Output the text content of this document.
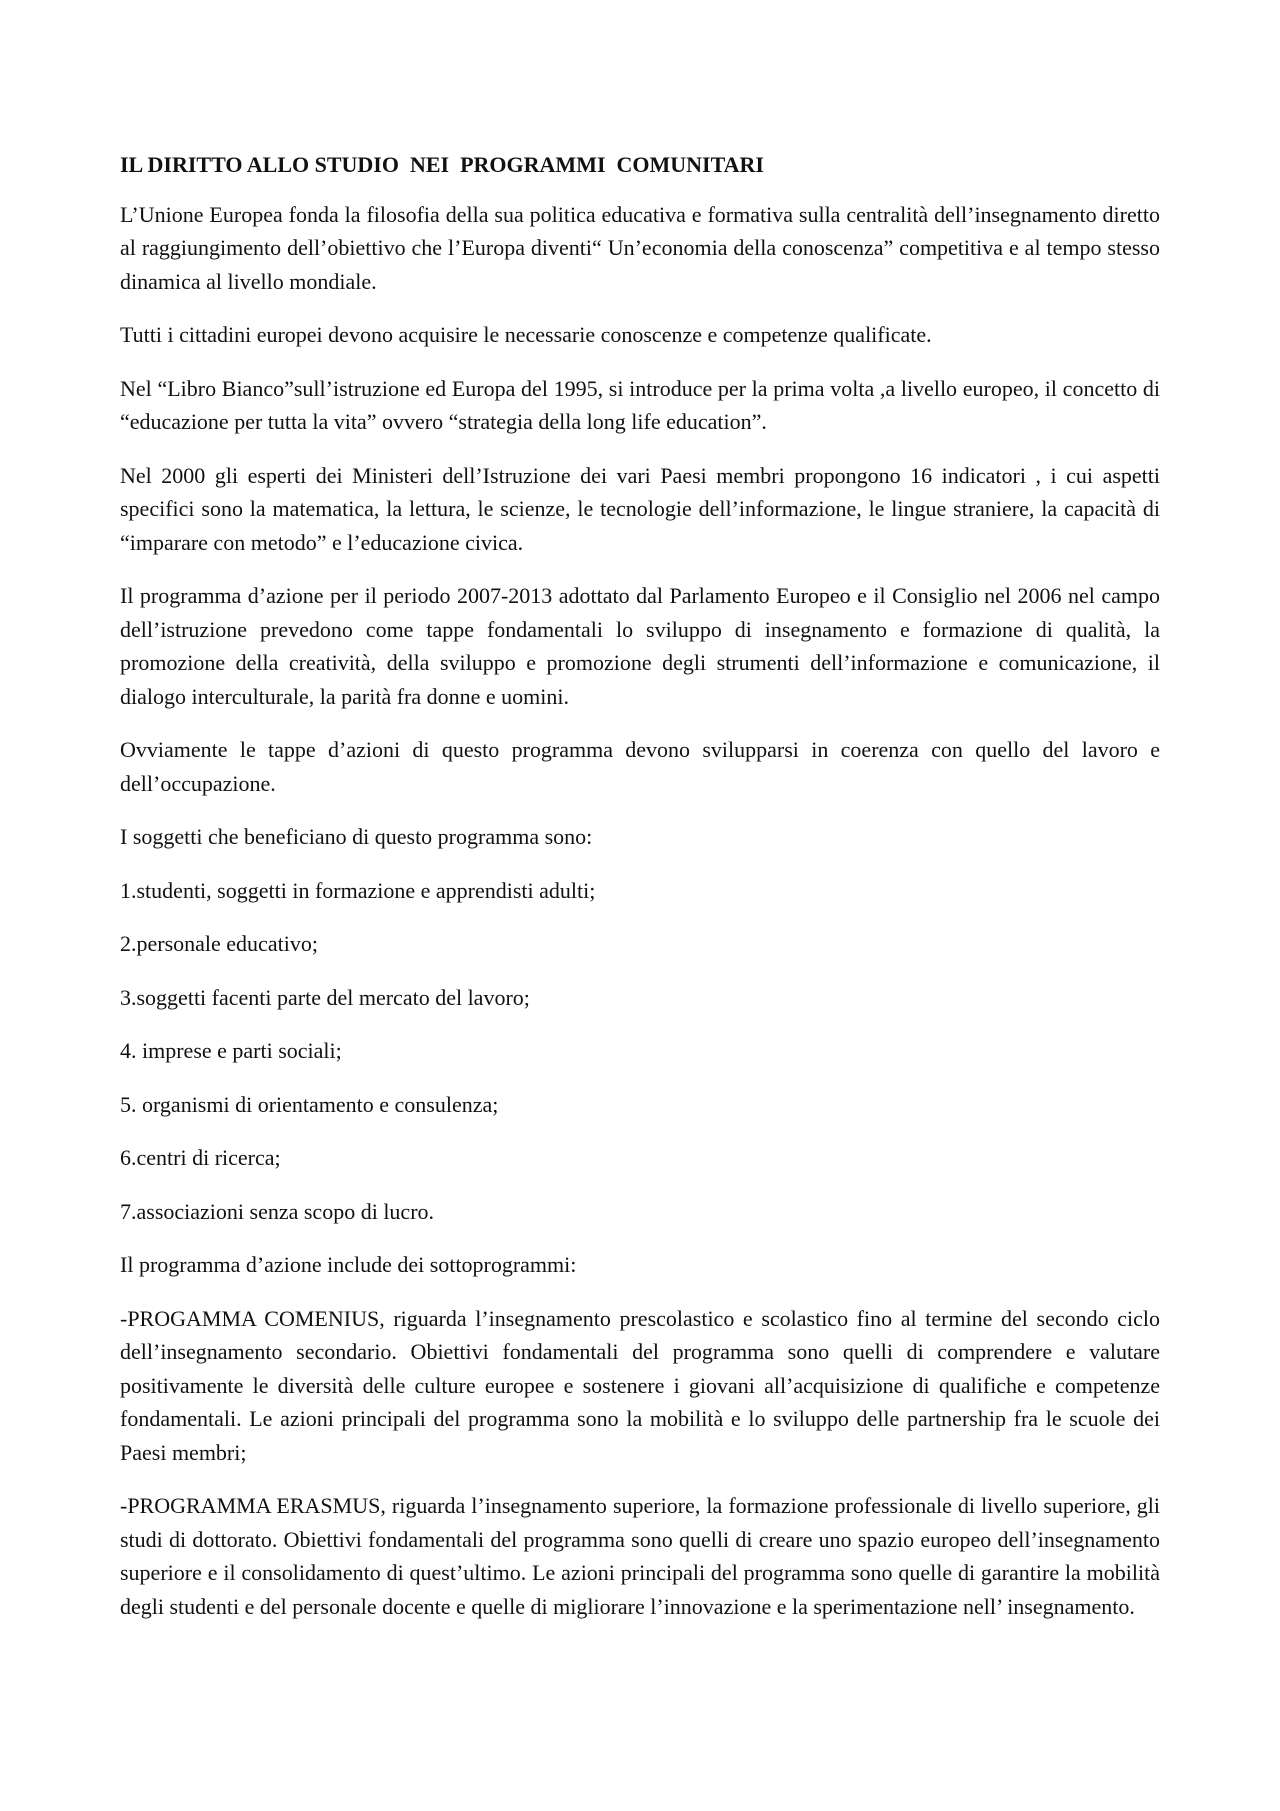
IL DIRITTO ALLO STUDIO  NEI  PROGRAMMI  COMUNITARI

L’Unione Europea fonda la filosofia della sua politica educativa e formativa sulla centralità dell’insegnamento diretto al raggiungimento dell’obiettivo che l’Europa diventi“ Un’economia della conoscenza” competitiva e al tempo stesso dinamica al livello mondiale.

Tutti i cittadini europei devono acquisire le necessarie conoscenze e competenze qualificate.

Nel “Libro Bianco”sull’istruzione ed Europa del 1995, si introduce per la prima volta ,a livello europeo, il concetto di “educazione per tutta la vita” ovvero “strategia della long life education”.

Nel 2000 gli esperti dei Ministeri dell’Istruzione dei vari Paesi membri propongono 16 indicatori , i cui aspetti specifici sono la matematica, la lettura, le scienze, le tecnologie dell’informazione, le lingue straniere, la capacità di “imparare con metodo” e l’educazione civica.

Il programma d’azione per il periodo 2007-2013 adottato dal Parlamento Europeo e il Consiglio nel 2006 nel campo dell’istruzione prevedono come tappe fondamentali lo sviluppo di insegnamento e formazione di qualità, la promozione della creatività, della sviluppo e promozione degli strumenti dell’informazione e comunicazione, il dialogo interculturale, la parità fra donne e uomini.

Ovviamente le tappe d’azioni di questo programma devono svilupparsi in coerenza con quello del lavoro e dell’occupazione.

I soggetti che beneficiano di questo programma sono:

1.studenti, soggetti in formazione e apprendisti adulti;

2.personale educativo;

3.soggetti facenti parte del mercato del lavoro;

4. imprese e parti sociali;

5. organismi di orientamento e consulenza;

6.centri di ricerca;

7.associazioni senza scopo di lucro.

Il programma d’azione include dei sottoprogrammi:

-PROGAMMA COMENIUS, riguarda l’insegnamento prescolastico e scolastico fino al termine del secondo ciclo dell’insegnamento secondario. Obiettivi fondamentali del programma sono quelli di comprendere e valutare positivamente le diversità delle culture europee e sostenere i giovani all’acquisizione di qualifiche e competenze fondamentali. Le azioni principali del programma sono la mobilità e lo sviluppo delle partnership fra le scuole dei Paesi membri;

-PROGRAMMA ERASMUS, riguarda l’insegnamento superiore, la formazione professionale di livello superiore, gli studi di dottorato. Obiettivi fondamentali del programma sono quelli di creare uno spazio europeo dell’insegnamento superiore e il consolidamento di quest’ultimo. Le azioni principali del programma sono quelle di garantire la mobilità degli studenti e del personale docente e quelle di migliorare l’innovazione e la sperimentazione nell’ insegnamento.
